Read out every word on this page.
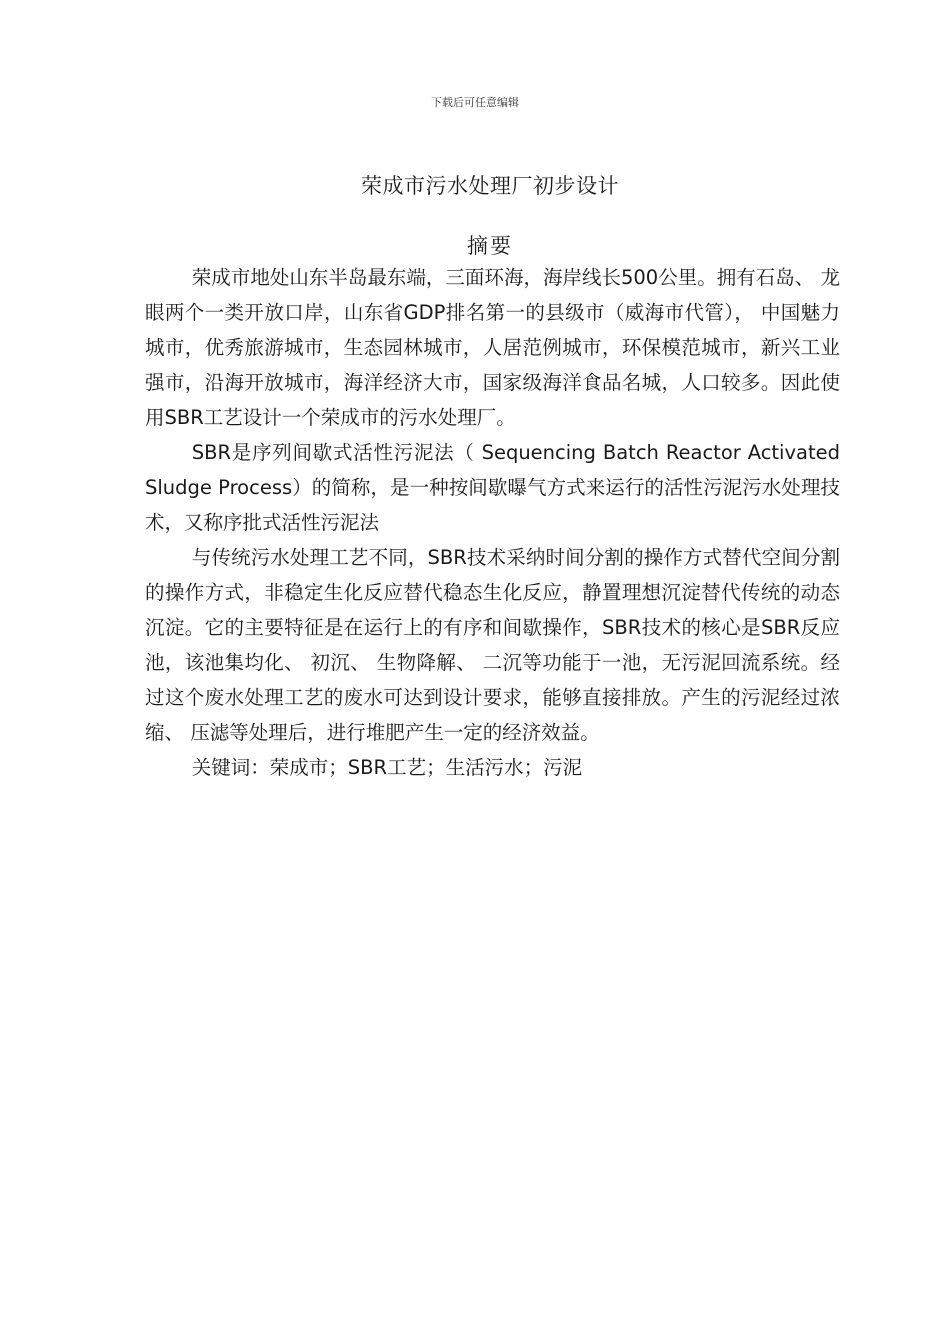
下载后可任意编辑
荣成市污水处理厂初步设计
摘要

荣成市地处山东半岛最东端，三面环海，海岸线长500公里。拥有石岛、 龙眼两个一类开放口岸，山东省GDP排名第一的县级市（威海市代管）， 中国魅力城市，优秀旅游城市，生态园林城市，人居范例城市，环保模范城市，新兴工业强市，沿海开放城市，海洋经济大市，国家级海洋食品名城，人口较多。因此使用SBR工艺设计一个荣成市的污水处理厂。

SBR是序列间歇式活性污泥法（ Sequencing Batch Reactor Activated Sludge Process）的简称，是一种按间歇曝气方式来运行的活性污泥污水处理技术，又称序批式活性污泥法

与传统污水处理工艺不同，SBR技术采纳时间分割的操作方式替代空间分割的操作方式，非稳定生化反应替代稳态生化反应，静置理想沉淀替代传统的动态沉淀。它的主要特征是在运行上的有序和间歇操作，SBR技术的核心是SBR反应池，该池集均化、 初沉、 生物降解、 二沉等功能于一池，无污泥回流系统。经过这个废水处理工艺的废水可达到设计要求，能够直接排放。产生的污泥经过浓缩、 压滤等处理后，进行堆肥产生一定的经济效益。

关键词：荣成市；SBR工艺；生活污水；污泥
